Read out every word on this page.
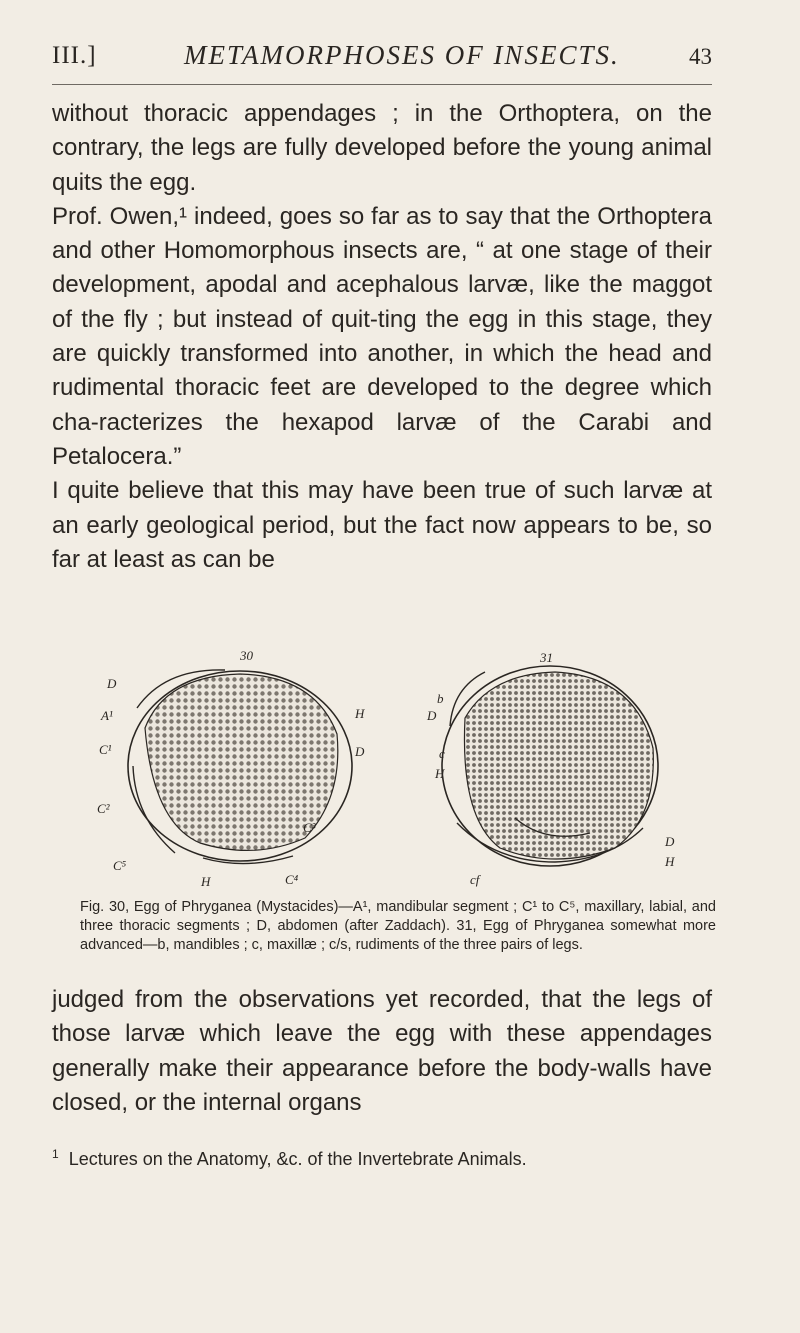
III.]	METAMORPHOSES OF INSECTS.	43

without thoracic appendages ; in the Orthoptera, on the contrary, the legs are fully developed before the young animal quits the egg.

Prof. Owen,¹ indeed, goes so far as to say that the Orthoptera and other Homomorphous insects are, “ at one stage of their development, apodal and acephalous larvæ, like the maggot of the fly ; but instead of quit-ting the egg in this stage, they are quickly transformed into another, in which the head and rudimental thoracic feet are developed to the degree which cha-racterizes the hexapod larvæ of the Carabi and Petalocera.”

I quite believe that this may have been true of such larvæ at an early geological period, but the fact now appears to be, so far at least as can be

30
D
A¹
C¹
C²
C³
H	C⁴
C⁵
D
H
31
b
D
c
H
D
H
cf
Fig. 30, Egg of Phryganea (Mystacides)—A¹, mandibular segment ; C¹ to C⁵, maxillary, labial, and three thoracic segments ; D, abdomen (after Zaddach). 31, Egg of Phryganea somewhat more advanced—b, mandibles ; c, maxillæ ; c/s, rudiments of the three pairs of legs.

judged from the observations yet recorded, that the legs of those larvæ which leave the egg with these appendages generally make their appearance before the body-walls have closed, or the internal organs

$^1$ Lectures on the Anatomy, &c. of the Invertebrate Animals.
